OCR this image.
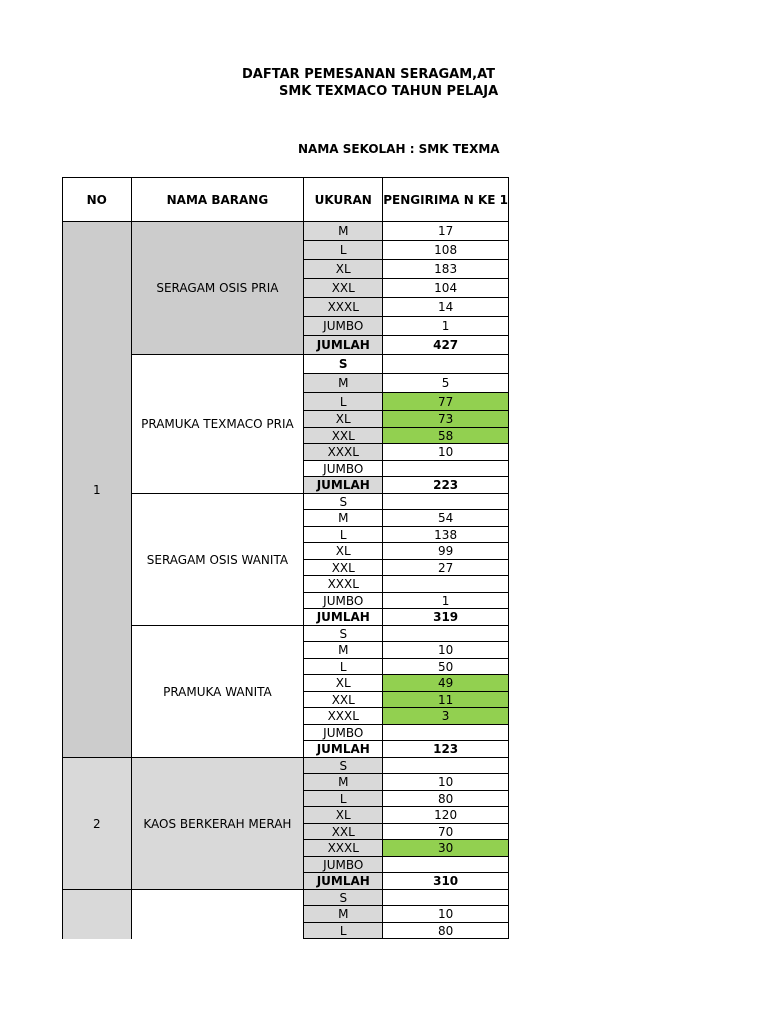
DAFTAR PEMESANAN SERAGAM,AT
SMK TEXMACO TAHUN PELAJA
NAMA SEKOLAH : SMK TEXMA
NO	NAMA BARANG	UKURAN	PENGIRIMA N KE 1
1	SERAGAM OSIS PRIA	M	17
		L	108
		XL	183
		XXL	104
		XXXL	14
		JUMBO	1
		JUMLAH	427
	PRAMUKA TEXMACO PRIA	S	
		M	5
		L	77
		XL	73
		XXL	58
		XXXL	10
		JUMBO	
		JUMLAH	223
	SERAGAM OSIS WANITA	S	
		M	54
		L	138
		XL	99
		XXL	27
		XXXL	
		JUMBO	1
		JUMLAH	319
	PRAMUKA WANITA	S	
		M	10
		L	50
		XL	49
		XXL	11
		XXXL	3
		JUMBO	
		JUMLAH	123
2	KAOS BERKERAH MERAH	S	
		M	10
		L	80
		XL	120
		XXL	70
		XXXL	30
		JUMBO	
		JUMLAH	310
		S	
		M	10
		L	80
